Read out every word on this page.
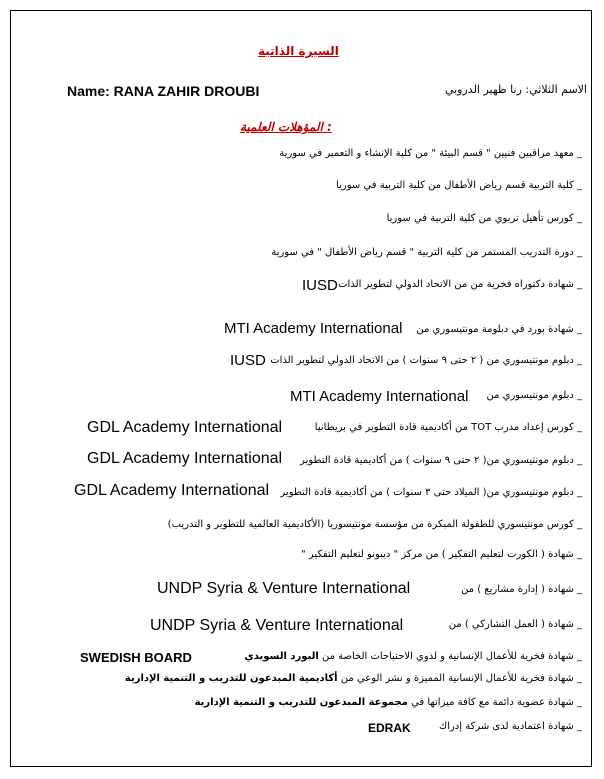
السيرة الذاتية
Name: RANA ZAHIR DROUBI	الاسم الثلاثي: رنا ظهير الدروبي
المؤهلات العلمية :
_ معهد مراقبين فنيين " قسم البيئة " من كلية الإنشاء و التعمير في سورية
_ كلية التربية قسم رياض الأطفال من كلية التربية في سوريا
_ كورس تأهيل تربوي من كلية التربية في سوريا
_ دورة التدريب المستمر من كلية التربية " قسم رياض الأطفال " في سورية
_ شهادة دكتوراه فخرية من من الاتحاد الدولي لتطوير الذات
IUSD
_ شهادة بورد في دبلومة مونتيسوري من
MTI Academy International
_ دبلوم مونتيسوري من ( ٢ حتى ٩ سنوات ) من الاتحاد الدولي لتطوير الذات
IUSD
_ دبلوم مونتيسوري من
MTI Academy International
_ كورس إعداد مدرب TOT من أكاديمية قادة التطوير في بريطانيا
GDL Academy International
_ دبلوم مونتيسوري من( ٢ حتى ٩ سنوات ) من أكاديمية قادة التطوير
GDL Academy International
_ دبلوم مونتيسوري من( الميلاد حتى ٣ سنوات ) من أكاديمية قادة التطوير
GDL Academy International
_ كورس مونتيسوري للطفولة المبكرة من مؤسسة مونتيسوريا (الأكاديمية العالمية للتطوير و التدريب)
_ شهادة ( الكورت لتعليم التفكير ) من مركز " ديبونو لتعليم التفكير "
_ شهادة ( إدارة مشاريع ) من
UNDP Syria & Venture International
_ شهادة ( العمل التشاركي ) من
UNDP Syria & Venture International
_ شهادة فخرية للأعمال الإنسانية و لذوي الاحتياجات الخاصة من البورد السويدي
SWEDISH BOARD
_ شهادة فخرية للأعمال الإنسانية المميزة و نشر الوعي من أكاديمية المبدعون للتدريب و التنمية الإدارية
_ شهادة عضوية دائمة مع كافة ميزاتها في مجموعة المبدعون للتدريب و التنمية الإدارية
_ شهادة اعتمادية لدى شركة إدراك
EDRAK
